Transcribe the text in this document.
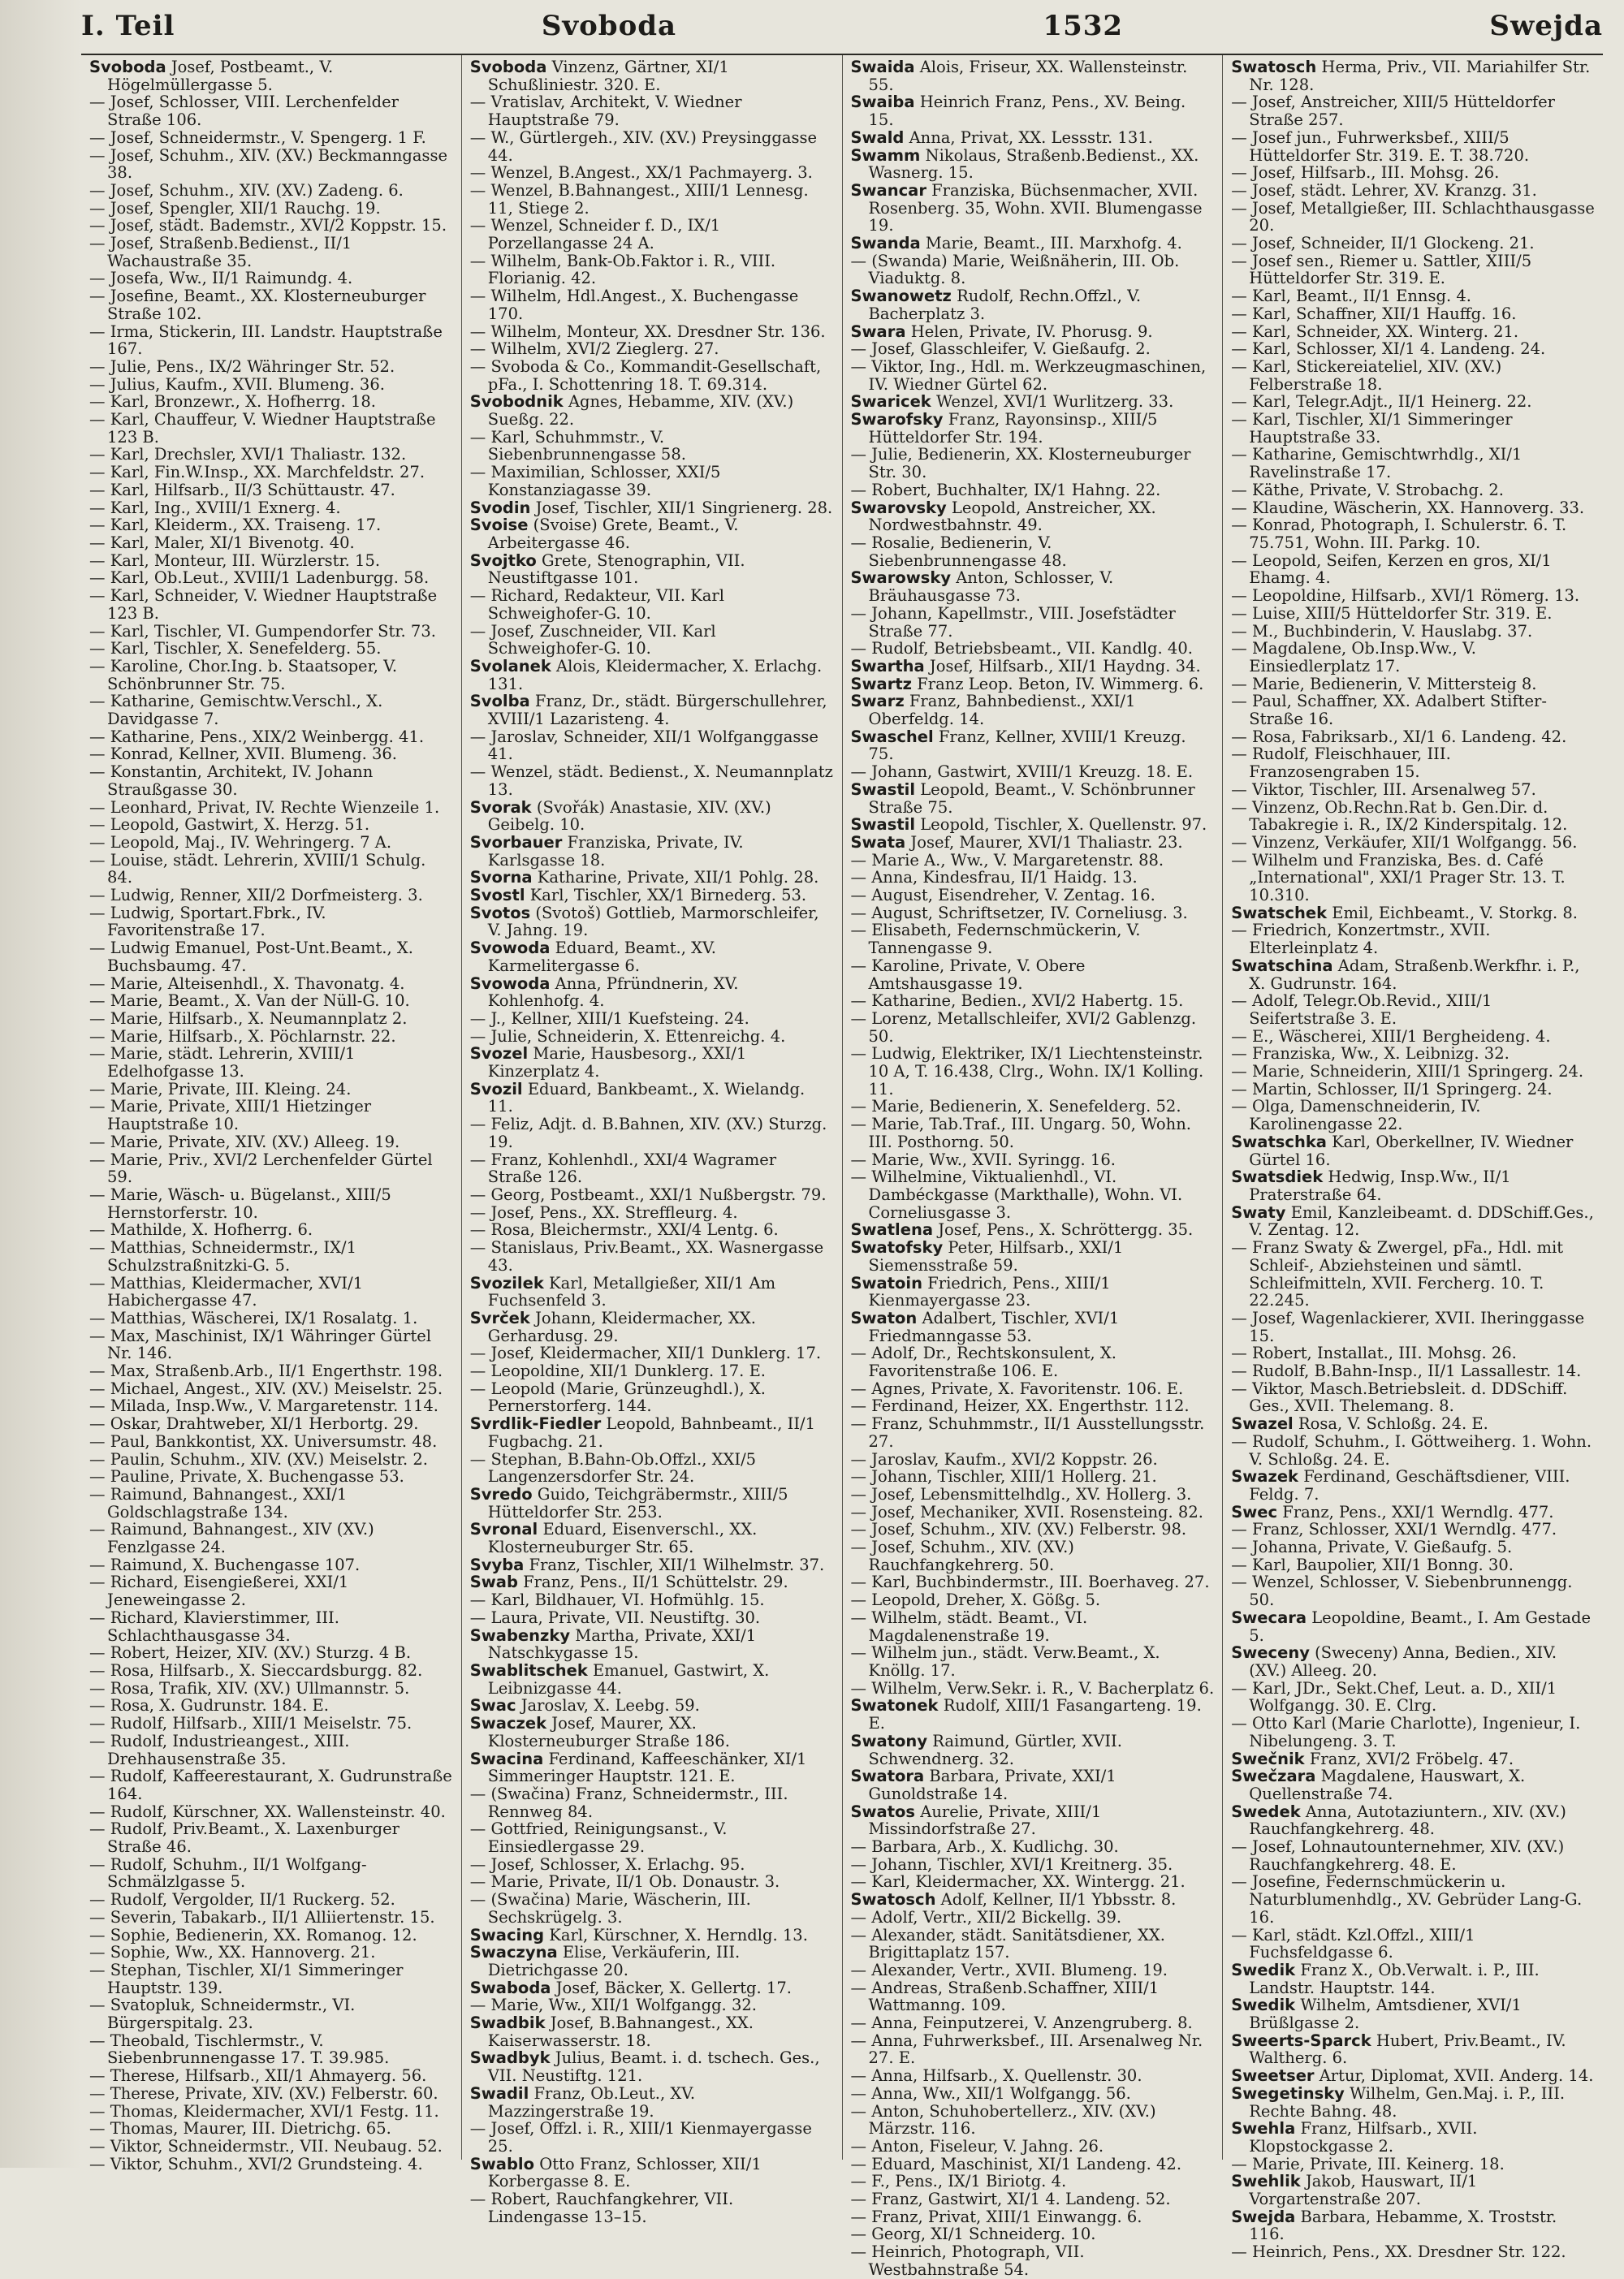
I. Teil	Svoboda	1532	Swejda

Svoboda Josef, Postbeamt., V. Högelmüllergasse 5.

— Josef, Schlosser, VIII. Lerchenfelder Straße 106.

— Josef, Schneidermstr., V. Spengerg. 1 F.

— Josef, Schuhm., XIV. (XV.) Beckmanngasse 38.

— Josef, Schuhm., XIV. (XV.) Zadeng. 6.

— Josef, Spengler, XII/1 Rauchg. 19.

— Josef, städt. Bademstr., XVI/2 Koppstr. 15.

— Josef, Straßenb.Bedienst., II/1 Wachaustraße 35.

— Josefa, Ww., II/1 Raimundg. 4.

— Josefine, Beamt., XX. Klosterneuburger Straße 102.

— Irma, Stickerin, III. Landstr. Hauptstraße 167.

— Julie, Pens., IX/2 Währinger Str. 52.

— Julius, Kaufm., XVII. Blumeng. 36.

— Karl, Bronzewr., X. Hofherrg. 18.

— Karl, Chauffeur, V. Wiedner Hauptstraße 123 B.

— Karl, Drechsler, XVI/1 Thaliastr. 132.

— Karl, Fin.W.Insp., XX. Marchfeldstr. 27.

— Karl, Hilfsarb., II/3 Schüttaustr. 47.

— Karl, Ing., XVIII/1 Exnerg. 4.

— Karl, Kleiderm., XX. Traiseng. 17.

— Karl, Maler, XI/1 Bivenotg. 40.

— Karl, Monteur, III. Würzlerstr. 15.

— Karl, Ob.Leut., XVIII/1 Ladenburgg. 58.

— Karl, Schneider, V. Wiedner Hauptstraße 123 B.

— Karl, Tischler, VI. Gumpendorfer Str. 73.

— Karl, Tischler, X. Senefelderg. 55.

— Karoline, Chor.Ing. b. Staatsoper, V. Schönbrunner Str. 75.

— Katharine, Gemischtw.Verschl., X. Davidgasse 7.

— Katharine, Pens., XIX/2 Weinbergg. 41.

— Konrad, Kellner, XVII. Blumeng. 36.

— Konstantin, Architekt, IV. Johann Straußgasse 30.

— Leonhard, Privat, IV. Rechte Wienzeile 1.

— Leopold, Gastwirt, X. Herzg. 51.

— Leopold, Maj., IV. Wehringerg. 7 A.

— Louise, städt. Lehrerin, XVIII/1 Schulg. 84.

— Ludwig, Renner, XII/2 Dorfmeisterg. 3.

— Ludwig, Sportart.Fbrk., IV. Favoritenstraße 17.

— Ludwig Emanuel, Post-Unt.Beamt., X. Buchsbaumg. 47.

— Marie, Alteisenhdl., X. Thavonatg. 4.

— Marie, Beamt., X. Van der Nüll-G. 10.

— Marie, Hilfsarb., X. Neumannplatz 2.

— Marie, Hilfsarb., X. Pöchlarnstr. 22.

— Marie, städt. Lehrerin, XVIII/1 Edelhofgasse 13.

— Marie, Private, III. Kleing. 24.

— Marie, Private, XIII/1 Hietzinger Hauptstraße 10.

— Marie, Private, XIV. (XV.) Alleeg. 19.

— Marie, Priv., XVI/2 Lerchenfelder Gürtel 59.

— Marie, Wäsch- u. Bügelanst., XIII/5 Hernstorferstr. 10.

— Mathilde, X. Hofherrg. 6.

— Matthias, Schneidermstr., IX/1 Schulzstraßnitzki-G. 5.

— Matthias, Kleidermacher, XVI/1 Habichergasse 47.

— Matthias, Wäscherei, IX/1 Rosalatg. 1.

— Max, Maschinist, IX/1 Währinger Gürtel Nr. 146.

— Max, Straßenb.Arb., II/1 Engerthstr. 198.

— Michael, Angest., XIV. (XV.) Meiselstr. 25.

— Milada, Insp.Ww., V. Margaretenstr. 114.

— Oskar, Drahtweber, XI/1 Herbortg. 29.

— Paul, Bankkontist, XX. Universumstr. 48.

— Paulin, Schuhm., XIV. (XV.) Meiselstr. 2.

— Pauline, Private, X. Buchengasse 53.

— Raimund, Bahnangest., XXI/1 Goldschlagstraße 134.

— Raimund, Bahnangest., XIV (XV.) Fenzlgasse 24.

— Raimund, X. Buchengasse 107.

— Richard, Eisengießerei, XXI/1 Jeneweingasse 2.

— Richard, Klavierstimmer, III. Schlachthausgasse 34.

— Robert, Heizer, XIV. (XV.) Sturzg. 4 B.

— Rosa, Hilfsarb., X. Sieccardsburgg. 82.

— Rosa, Trafik, XIV. (XV.) Ullmannstr. 5.

— Rosa, X. Gudrunstr. 184. E.

— Rudolf, Hilfsarb., XIII/1 Meiselstr. 75.

— Rudolf, Industrieangest., XIII. Drehhausenstraße 35.

— Rudolf, Kaffeerestaurant, X. Gudrunstraße 164.

— Rudolf, Kürschner, XX. Wallensteinstr. 40.

— Rudolf, Priv.Beamt., X. Laxenburger Straße 46.

— Rudolf, Schuhm., II/1 Wolfgang-Schmälzlgasse 5.

— Rudolf, Vergolder, II/1 Ruckerg. 52.

— Severin, Tabakarb., II/1 Alliiertenstr. 15.

— Sophie, Bedienerin, XX. Romanog. 12.

— Sophie, Ww., XX. Hannoverg. 21.

— Stephan, Tischler, XI/1 Simmeringer Hauptstr. 139.

— Svatopluk, Schneidermstr., VI. Bürgerspitalg. 23.

— Theobald, Tischlermstr., V. Siebenbrunnengasse 17. T. 39.985.

— Therese, Hilfsarb., XII/1 Ahmayerg. 56.

— Therese, Private, XIV. (XV.) Felberstr. 60.

— Thomas, Kleidermacher, XVI/1 Festg. 11.

— Thomas, Maurer, III. Dietrichg. 65.

— Viktor, Schneidermstr., VII. Neubaug. 52.

— Viktor, Schuhm., XVI/2 Grundsteing. 4.

Svoboda Vinzenz, Gärtner, XI/1 Schußliniestr. 320. E.

— Vratislav, Architekt, V. Wiedner Hauptstraße 79.

— W., Gürtlergeh., XIV. (XV.) Preysinggasse 44.

— Wenzel, B.Angest., XX/1 Pachmayerg. 3.

— Wenzel, B.Bahnangest., XIII/1 Lennesg. 11, Stiege 2.

— Wenzel, Schneider f. D., IX/1 Porzellangasse 24 A.

— Wilhelm, Bank-Ob.Faktor i. R., VIII. Florianig. 42.

— Wilhelm, Hdl.Angest., X. Buchengasse 170.

— Wilhelm, Monteur, XX. Dresdner Str. 136.

— Wilhelm, XVI/2 Zieglerg. 27.

— Svoboda & Co., Kommandit-Gesellschaft, pFa., I. Schottenring 18. T. 69.314.

Svobodnik Agnes, Hebamme, XIV. (XV.) Sueßg. 22.

— Karl, Schuhmmstr., V. Siebenbrunnengasse 58.

— Maximilian, Schlosser, XXI/5 Konstanziagasse 39.

Svodin Josef, Tischler, XII/1 Singrienerg. 28.

Svoise (Svoise) Grete, Beamt., V. Arbeitergasse 46.

Svojtko Grete, Stenographin, VII. Neustiftgasse 101.

— Richard, Redakteur, VII. Karl Schweighofer-G. 10.

— Josef, Zuschneider, VII. Karl Schweighofer-G. 10.

Svolanek Alois, Kleidermacher, X. Erlachg. 131.

Svolba Franz, Dr., städt. Bürgerschullehrer, XVIII/1 Lazaristeng. 4.

— Jaroslav, Schneider, XII/1 Wolfganggasse 41.

— Wenzel, städt. Bedienst., X. Neumannplatz 13.

Svorak (Svořák) Anastasie, XIV. (XV.) Geibelg. 10.

Svorbauer Franziska, Private, IV. Karlsgasse 18.

Svorna Katharine, Private, XII/1 Pohlg. 28.

Svostl Karl, Tischler, XX/1 Birnederg. 53.

Svotos (Svotoš) Gottlieb, Marmorschleifer, V. Jahng. 19.

Svowoda Eduard, Beamt., XV. Karmelitergasse 6.

Svowoda Anna, Pfründnerin, XV. Kohlenhofg. 4.

— J., Kellner, XIII/1 Kuefsteing. 24.

— Julie, Schneiderin, X. Ettenreichg. 4.

Svozel Marie, Hausbesorg., XXI/1 Kinzerplatz 4.

Svozil Eduard, Bankbeamt., X. Wielandg. 11.

— Feliz, Adjt. d. B.Bahnen, XIV. (XV.) Sturzg. 19.

— Franz, Kohlenhdl., XXI/4 Wagramer Straße 126.

— Georg, Postbeamt., XXI/1 Nußbergstr. 79.

— Josef, Pens., XX. Streffleurg. 4.

— Rosa, Bleichermstr., XXI/4 Lentg. 6.

— Stanislaus, Priv.Beamt., XX. Wasnergasse 43.

Svozilek Karl, Metallgießer, XII/1 Am Fuchsenfeld 3.

Svrček Johann, Kleidermacher, XX. Gerhardusg. 29.

— Josef, Kleidermacher, XII/1 Dunklerg. 17.

— Leopoldine, XII/1 Dunklerg. 17. E.

— Leopold (Marie, Grünzeughdl.), X. Pernerstorferg. 144.

Svrdlik-Fiedler Leopold, Bahnbeamt., II/1 Fugbachg. 21.

— Stephan, B.Bahn-Ob.Offzl., XXI/5 Langenzersdorfer Str. 24.

Svredo Guido, Teichgräbermstr., XIII/5 Hütteldorfer Str. 253.

Svronal Eduard, Eisenverschl., XX. Klosterneuburger Str. 65.

Svyba Franz, Tischler, XII/1 Wilhelmstr. 37.

Swab Franz, Pens., II/1 Schüttelstr. 29.

— Karl, Bildhauer, VI. Hofmühlg. 15.

— Laura, Private, VII. Neustiftg. 30.

Swabenzky Martha, Private, XXI/1 Natschkygasse 15.

Swablitschek Emanuel, Gastwirt, X. Leibnizgasse 44.

Swac Jaroslav, X. Leebg. 59.

Swaczek Josef, Maurer, XX. Klosterneuburger Straße 186.

Swacina Ferdinand, Kaffeeschänker, XI/1 Simmeringer Hauptstr. 121. E.

— (Swačina) Franz, Schneidermstr., III. Rennweg 84.

— Gottfried, Reinigungsanst., V. Einsiedlergasse 29.

— Josef, Schlosser, X. Erlachg. 95.

— Marie, Private, II/1 Ob. Donaustr. 3.

— (Swačina) Marie, Wäscherin, III. Sechskrügelg. 3.

Swacing Karl, Kürschner, X. Herndlg. 13.

Swaczyna Elise, Verkäuferin, III. Dietrichgasse 20.

Swaboda Josef, Bäcker, X. Gellertg. 17.

— Marie, Ww., XII/1 Wolfgangg. 32.

Swadbik Josef, B.Bahnangest., XX. Kaiserwasserstr. 18.

Swadbyk Julius, Beamt. i. d. tschech. Ges., VII. Neustiftg. 121.

Swadil Franz, Ob.Leut., XV. Mazzingerstraße 19.

— Josef, Offzl. i. R., XIII/1 Kienmayergasse 25.

Swablo Otto Franz, Schlosser, XII/1 Korbergasse 8. E.

— Robert, Rauchfangkehrer, VII. Lindengasse 13–15.

Swaida Alois, Friseur, XX. Wallensteinstr. 55.

Swaiba Heinrich Franz, Pens., XV. Being. 15.

Swald Anna, Privat, XX. Lessstr. 131.

Swamm Nikolaus, Straßenb.Bedienst., XX. Wasnerg. 15.

Swancar Franziska, Büchsenmacher, XVII. Rosenberg. 35, Wohn. XVII. Blumengasse 19.

Swanda Marie, Beamt., III. Marxhofg. 4.

— (Swanda) Marie, Weißnäherin, III. Ob. Viaduktg. 8.

Swanowetz Rudolf, Rechn.Offzl., V. Bacherplatz 3.

Swara Helen, Private, IV. Phorusg. 9.

— Josef, Glasschleifer, V. Gießaufg. 2.

— Viktor, Ing., Hdl. m. Werkzeugmaschinen, IV. Wiedner Gürtel 62.

Swaricek Wenzel, XVI/1 Wurlitzerg. 33.

Swarofsky Franz, Rayonsinsp., XIII/5 Hütteldorfer Str. 194.

— Julie, Bedienerin, XX. Klosterneuburger Str. 30.

— Robert, Buchhalter, IX/1 Hahng. 22.

Swarovsky Leopold, Anstreicher, XX. Nordwestbahnstr. 49.

— Rosalie, Bedienerin, V. Siebenbrunnengasse 48.

Swarowsky Anton, Schlosser, V. Bräuhausgasse 73.

— Johann, Kapellmstr., VIII. Josefstädter Straße 77.

— Rudolf, Betriebsbeamt., VII. Kandlg. 40.

Swartha Josef, Hilfsarb., XII/1 Haydng. 34.

Swartz Franz Leop. Beton, IV. Wimmerg. 6.

Swarz Franz, Bahnbedienst., XXI/1 Oberfeldg. 14.

Swaschel Franz, Kellner, XVIII/1 Kreuzg. 75.

— Johann, Gastwirt, XVIII/1 Kreuzg. 18. E.

Swastil Leopold, Beamt., V. Schönbrunner Straße 75.

Swastil Leopold, Tischler, X. Quellenstr. 97.

Swata Josef, Maurer, XVI/1 Thaliastr. 23.

— Marie A., Ww., V. Margaretenstr. 88.

— Anna, Kindesfrau, II/1 Haidg. 13.

— August, Eisendreher, V. Zentag. 16.

— August, Schriftsetzer, IV. Corneliusg. 3.

— Elisabeth, Federnschmückerin, V. Tannengasse 9.

— Karoline, Private, V. Obere Amtshausgasse 19.

— Katharine, Bedien., XVI/2 Habertg. 15.

— Lorenz, Metallschleifer, XVI/2 Gablenzg. 50.

— Ludwig, Elektriker, IX/1 Liechtensteinstr. 10 A, T. 16.438, Clrg., Wohn. IX/1 Kolling. 11.

— Marie, Bedienerin, X. Senefelderg. 52.

— Marie, Tab.Traf., III. Ungarg. 50, Wohn. III. Posthorng. 50.

— Marie, Ww., XVII. Syringg. 16.

— Wilhelmine, Viktualienhdl., VI. Dambéckgasse (Markthalle), Wohn. VI. Corneliusgasse 3.

Swatlena Josef, Pens., X. Schröttergg. 35.

Swatofsky Peter, Hilfsarb., XXI/1 Siemensstraße 59.

Swatoin Friedrich, Pens., XIII/1 Kienmayergasse 23.

Swaton Adalbert, Tischler, XVI/1 Friedmanngasse 53.

— Adolf, Dr., Rechtskonsulent, X. Favoritenstraße 106. E.

— Agnes, Private, X. Favoritenstr. 106. E.

— Ferdinand, Heizer, XX. Engerthstr. 112.

— Franz, Schuhmmstr., II/1 Ausstellungsstr. 27.

— Jaroslav, Kaufm., XVI/2 Koppstr. 26.

— Johann, Tischler, XIII/1 Hollerg. 21.

— Josef, Lebensmittelhdlg., XV. Hollerg. 3.

— Josef, Mechaniker, XVII. Rosensteing. 82.

— Josef, Schuhm., XIV. (XV.) Felberstr. 98.

— Josef, Schuhm., XIV. (XV.) Rauchfangkehrerg. 50.

— Karl, Buchbindermstr., III. Boerhaveg. 27.

— Leopold, Dreher, X. Gößg. 5.

— Wilhelm, städt. Beamt., VI. Magdalenenstraße 19.

— Wilhelm jun., städt. Verw.Beamt., X. Knöllg. 17.

— Wilhelm, Verw.Sekr. i. R., V. Bacherplatz 6.

Swatonek Rudolf, XIII/1 Fasangarteng. 19. E.

Swatony Raimund, Gürtler, XVII. Schwendnerg. 32.

Swatora Barbara, Private, XXI/1 Gunoldstraße 14.

Swatos Aurelie, Private, XIII/1 Missindorfstraße 27.

— Barbara, Arb., X. Kudlichg. 30.

— Johann, Tischler, XVI/1 Kreitnerg. 35.

— Karl, Kleidermacher, XX. Wintergg. 21.

Swatosch Adolf, Kellner, II/1 Ybbsstr. 8.

— Adolf, Vertr., XII/2 Bickellg. 39.

— Alexander, städt. Sanitätsdiener, XX. Brigittaplatz 157.

— Alexander, Vertr., XVII. Blumeng. 19.

— Andreas, Straßenb.Schaffner, XIII/1 Wattmanng. 109.

— Anna, Feinputzerei, V. Anzengruberg. 8.

— Anna, Fuhrwerksbef., III. Arsenalweg Nr. 27. E.

— Anna, Hilfsarb., X. Quellenstr. 30.

— Anna, Ww., XII/1 Wolfgangg. 56.

— Anton, Schuhobertellerz., XIV. (XV.) Märzstr. 116.

— Anton, Fiseleur, V. Jahng. 26.

— Eduard, Maschinist, XI/1 Landeng. 42.

— F., Pens., IX/1 Biriotg. 4.

— Franz, Gastwirt, XI/1 4. Landeng. 52.

— Franz, Privat, XIII/1 Einwangg. 6.

— Georg, XI/1 Schneiderg. 10.

— Heinrich, Photograph, VII. Westbahnstraße 54.

Swatosch Herma, Priv., VII. Mariahilfer Str. Nr. 128.

— Josef, Anstreicher, XIII/5 Hütteldorfer Straße 257.

— Josef jun., Fuhrwerksbef., XIII/5 Hütteldorfer Str. 319. E. T. 38.720.

— Josef, Hilfsarb., III. Mohsg. 26.

— Josef, städt. Lehrer, XV. Kranzg. 31.

— Josef, Metallgießer, III. Schlachthausgasse 20.

— Josef, Schneider, II/1 Glockeng. 21.

— Josef sen., Riemer u. Sattler, XIII/5 Hütteldorfer Str. 319. E.

— Karl, Beamt., II/1 Ennsg. 4.

— Karl, Schaffner, XII/1 Hauffg. 16.

— Karl, Schneider, XX. Winterg. 21.

— Karl, Schlosser, XI/1 4. Landeng. 24.

— Karl, Stickereiateliel, XIV. (XV.) Felberstraße 18.

— Karl, Telegr.Adjt., II/1 Heinerg. 22.

— Karl, Tischler, XI/1 Simmeringer Hauptstraße 33.

— Katharine, Gemischtwrhdlg., XI/1 Ravelinstraße 17.

— Käthe, Private, V. Strobachg. 2.

— Klaudine, Wäscherin, XX. Hannoverg. 33.

— Konrad, Photograph, I. Schulerstr. 6. T. 75.751, Wohn. III. Parkg. 10.

— Leopold, Seifen, Kerzen en gros, XI/1 Ehamg. 4.

— Leopoldine, Hilfsarb., XVI/1 Römerg. 13.

— Luise, XIII/5 Hütteldorfer Str. 319. E.

— M., Buchbinderin, V. Hauslabg. 37.

— Magdalene, Ob.Insp.Ww., V. Einsiedlerplatz 17.

— Marie, Bedienerin, V. Mittersteig 8.

— Paul, Schaffner, XX. Adalbert Stifter-Straße 16.

— Rosa, Fabriksarb., XI/1 6. Landeng. 42.

— Rudolf, Fleischhauer, III. Franzosengraben 15.

— Viktor, Tischler, III. Arsenalweg 57.

— Vinzenz, Ob.Rechn.Rat b. Gen.Dir. d. Tabakregie i. R., IX/2 Kinderspitalg. 12.

— Vinzenz, Verkäufer, XII/1 Wolfgangg. 56.

— Wilhelm und Franziska, Bes. d. Café „International", XXI/1 Prager Str. 13. T. 10.310.

Swatschek Emil, Eichbeamt., V. Storkg. 8.

— Friedrich, Konzertmstr., XVII. Elterleinplatz 4.

Swatschina Adam, Straßenb.Werkfhr. i. P., X. Gudrunstr. 164.

— Adolf, Telegr.Ob.Revid., XIII/1 Seifertstraße 3. E.

— E., Wäscherei, XIII/1 Bergheideng. 4.

— Franziska, Ww., X. Leibnizg. 32.

— Marie, Schneiderin, XIII/1 Springerg. 24.

— Martin, Schlosser, II/1 Springerg. 24.

— Olga, Damenschneiderin, IV. Karolinengasse 22.

Swatschka Karl, Oberkellner, IV. Wiedner Gürtel 16.

Swatsdiek Hedwig, Insp.Ww., II/1 Praterstraße 64.

Swaty Emil, Kanzleibeamt. d. DDSchiff.Ges., V. Zentag. 12.

— Franz Swaty & Zwergel, pFa., Hdl. mit Schleif-, Abziehsteinen und sämtl. Schleifmitteln, XVII. Fercherg. 10. T. 22.245.

— Josef, Wagenlackierer, XVII. Iheringgasse 15.

— Robert, Installat., III. Mohsg. 26.

— Rudolf, B.Bahn-Insp., II/1 Lassallestr. 14.

— Viktor, Masch.Betriebsleit. d. DDSchiff. Ges., XVII. Thelemang. 8.

Swazel Rosa, V. Schloßg. 24. E.

— Rudolf, Schuhm., I. Göttweiherg. 1. Wohn. V. Schloßg. 24. E.

Swazek Ferdinand, Geschäftsdiener, VIII. Feldg. 7.

Swec Franz, Pens., XXI/1 Werndlg. 477.

— Franz, Schlosser, XXI/1 Werndlg. 477.

— Johanna, Private, V. Gießaufg. 5.

— Karl, Baupolier, XII/1 Bonng. 30.

— Wenzel, Schlosser, V. Siebenbrunnengg. 50.

Swecara Leopoldine, Beamt., I. Am Gestade 5.

Sweceny (Sweceny) Anna, Bedien., XIV. (XV.) Alleeg. 20.

— Karl, JDr., Sekt.Chef, Leut. a. D., XII/1 Wolfgangg. 30. E. Clrg.

— Otto Karl (Marie Charlotte), Ingenieur, I. Nibelungeng. 3. T.

Swečnik Franz, XVI/2 Fröbelg. 47.

Swečzara Magdalene, Hauswart, X. Quellenstraße 74.

Swedek Anna, Autotaziuntern., XIV. (XV.) Rauchfangkehrerg. 48.

— Josef, Lohnautounternehmer, XIV. (XV.) Rauchfangkehrerg. 48. E.

— Josefine, Federnschmückerin u. Naturblumenhdlg., XV. Gebrüder Lang-G. 16.

— Karl, städt. Kzl.Offzl., XIII/1 Fuchsfeldgasse 6.

Swedik Franz X., Ob.Verwalt. i. P., III. Landstr. Hauptstr. 144.

Swedik Wilhelm, Amtsdiener, XVI/1 Brüßlgasse 2.

Sweerts-Sparck Hubert, Priv.Beamt., IV. Waltherg. 6.

Sweetser Artur, Diplomat, XVII. Anderg. 14.

Swegetinsky Wilhelm, Gen.Maj. i. P., III. Rechte Bahng. 48.

Swehla Franz, Hilfsarb., XVII. Klopstockgasse 2.

— Marie, Private, III. Keinerg. 18.

Swehlik Jakob, Hauswart, II/1 Vorgartenstraße 207.

Swejda Barbara, Hebamme, X. Troststr. 116.

— Heinrich, Pens., XX. Dresdner Str. 122.
